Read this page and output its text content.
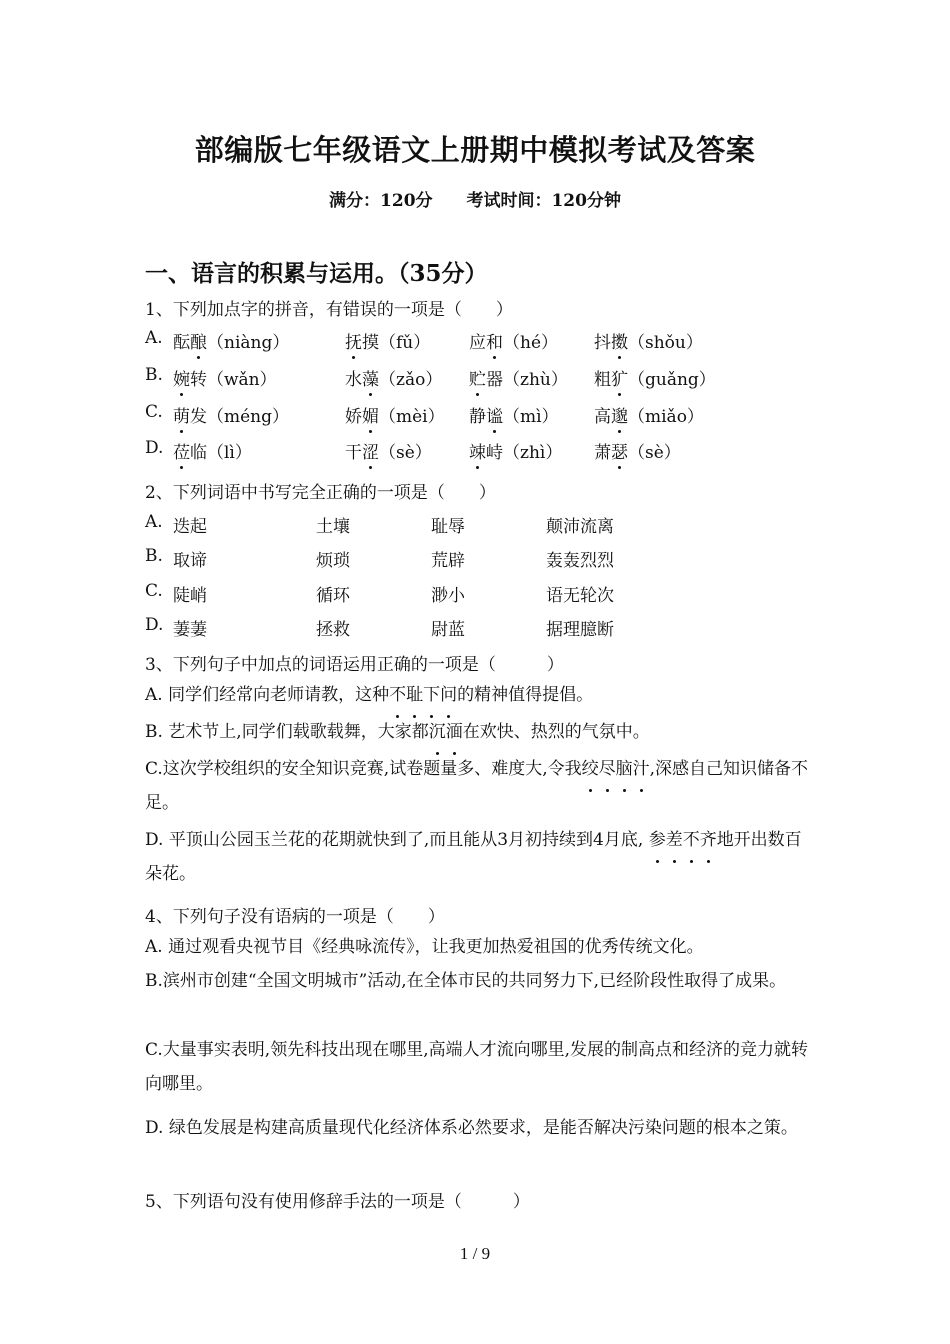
部编版七年级语文上册期中模拟考试及答案
满分：120分 考试时间：120分钟
一、语言的积累与运用。（35分）
1、下列加点字的拼音，有错误的一项是（　　）
A. 酝酿（niàng）	抚摸（fǔ） 应和（hé） 抖擞（shǒu）
B. 婉转（wǎn）	水藻（zǎo） 贮器（zhù） 粗犷（guǎng）
C. 萌发（méng）	娇媚（mèi） 静谧（mì） 高邈（miǎo）
D. 莅临（lì）	干涩（sè） 竦峙（zhì） 萧瑟（sè）
2、下列词语中书写完全正确的一项是（　　）
A. 迭起	土壤	耻辱	颠沛流离
B. 取谛	烦琐	荒辟	轰轰烈烈
C. 陡峭	循环	渺小	语无轮次
D. 萋萋	拯救	尉蓝	据理臆断
3、下列句子中加点的词语运用正确的一项是（　　　）
A. 同学们经常向老师请教，这种不耻下问的精神值得提倡。
B. 艺术节上,同学们载歌载舞，大家都沉湎在欢快、热烈的气氛中。
C.这次学校组织的安全知识竞赛,试卷题量多、难度大,令我绞尽脑汁,深感自己知识储备不足。
D. 平顶山公园玉兰花的花期就快到了,而且能从3月初持续到4月底, 参差不齐地开出数百朵花。
4、下列句子没有语病的一项是（　　）
A. 通过观看央视节目《经典咏流传》，让我更加热爱祖国的优秀传统文化。
B.滨州市创建“全国文明城市”活动,在全体市民的共同努力下,已经阶段性取得了成果。
C.大量事实表明,领先科技出现在哪里,高端人才流向哪里,发展的制高点和经济的竞力就转向哪里。
D. 绿色发展是构建高质量现代化经济体系必然要求，是能否解决污染问题的根本之策。
5、下列语句没有使用修辞手法的一项是（　　　）
1 / 9
